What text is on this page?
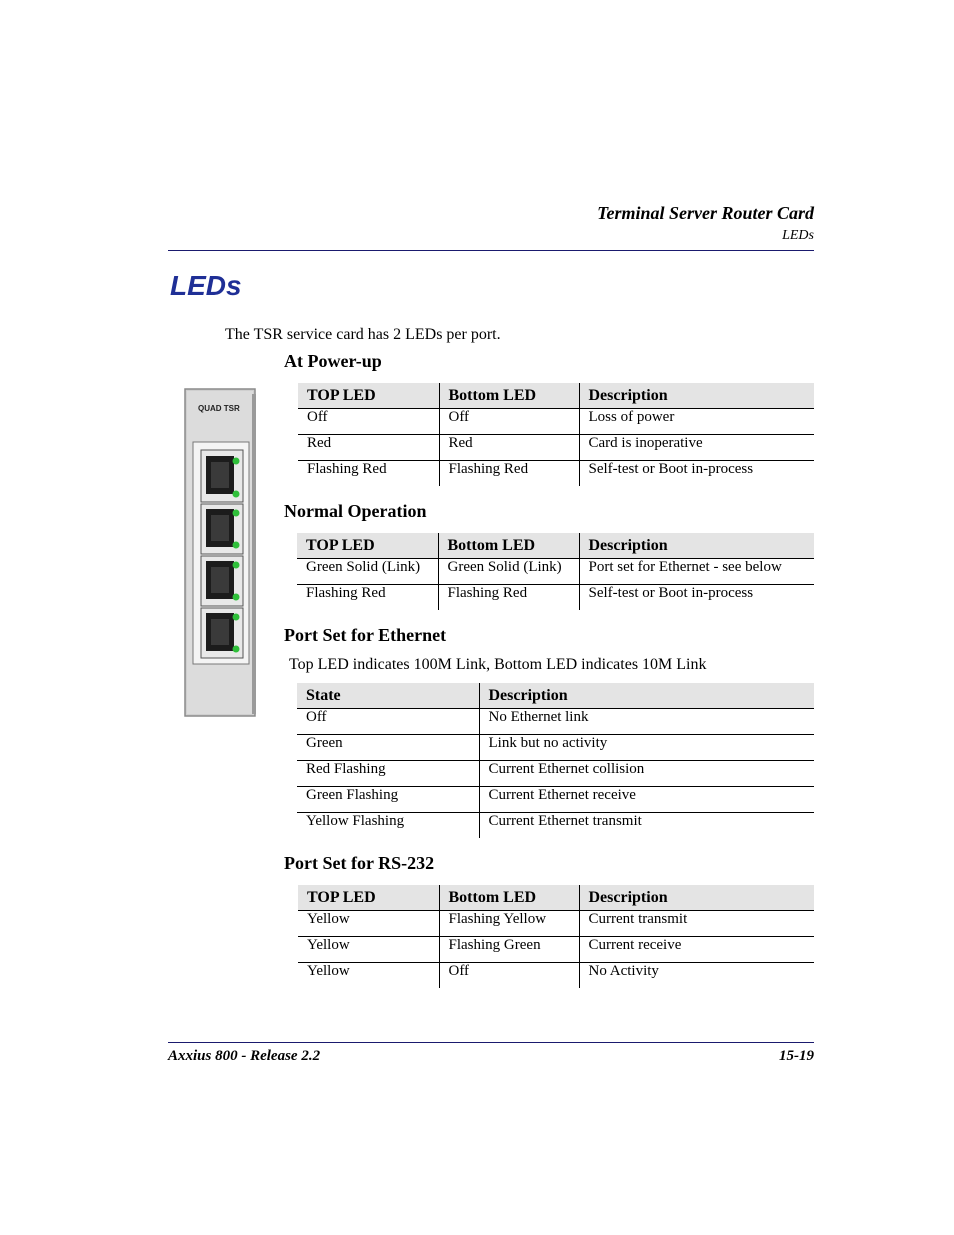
Terminal Server Router Card
LEDs
LEDs
The TSR service card has 2 LEDs per port.
QUAD TSR
At Power-up
TOP LED	Bottom LED	Description
Off	Off	Loss of power
Red	Red	Card is inoperative
Flashing Red	Flashing Red	Self-test or Boot in-process
Normal Operation
TOP LED	Bottom LED	Description
Green Solid (Link)	Green Solid (Link)	Port set for Ethernet - see below
Flashing Red	Flashing Red	Self-test or Boot in-process
Port Set for Ethernet
Top LED indicates 100M Link, Bottom LED indicates 10M Link
State	Description
Off	No Ethernet link
Green	Link but no activity
Red Flashing	Current Ethernet collision
Green Flashing	Current Ethernet receive
Yellow Flashing	Current Ethernet transmit
Port Set for RS-232
TOP LED	Bottom LED	Description
Yellow	Flashing Yellow	Current transmit
Yellow	Flashing Green	Current receive
Yellow	Off	No Activity
Axxius 800 - Release 2.2	15-19
